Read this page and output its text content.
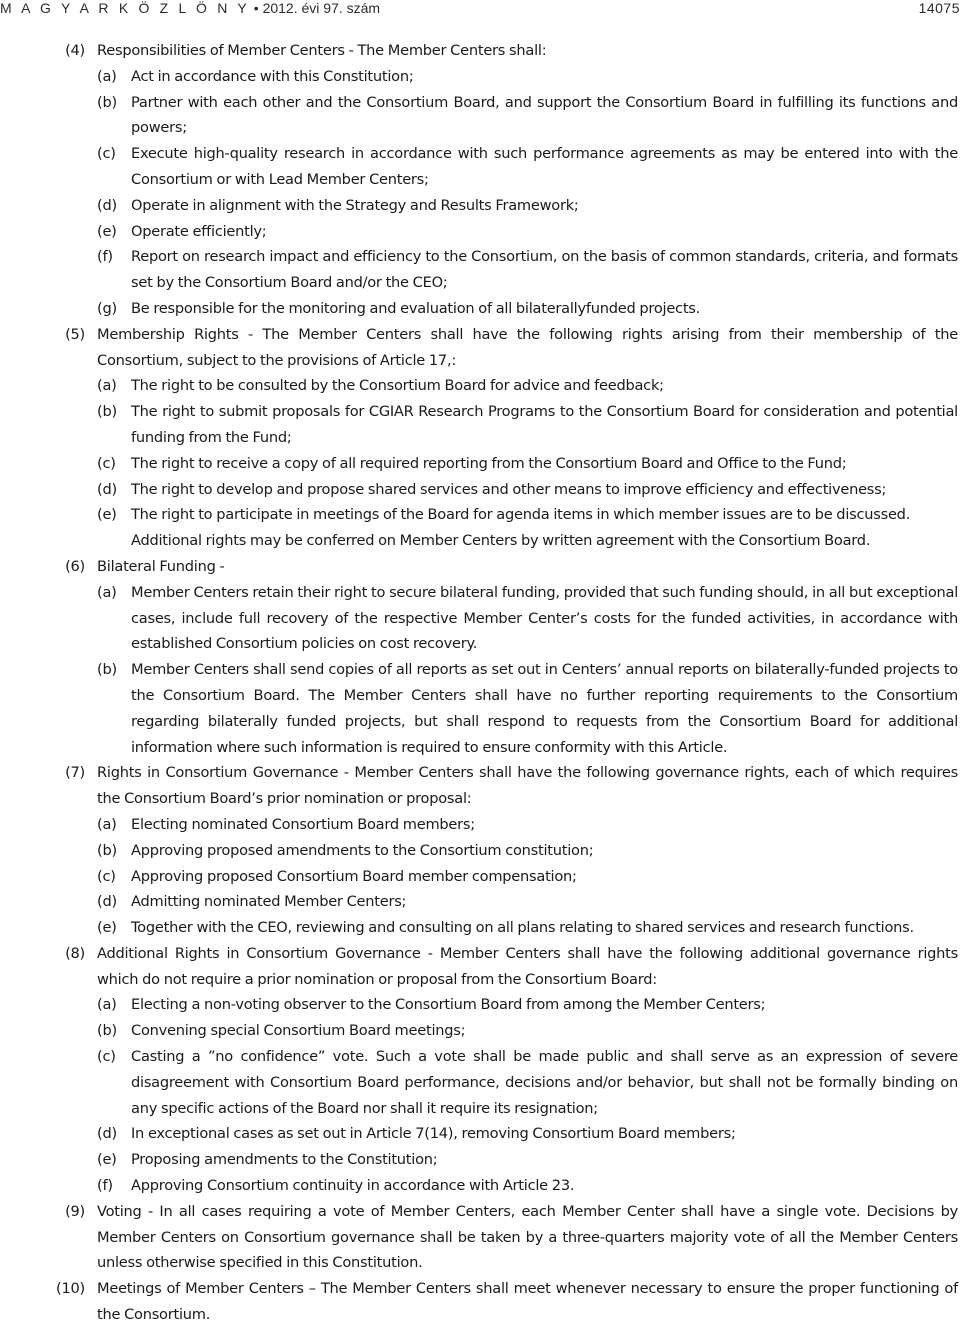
M A G Y A R K Ö Z L Ö N Y • 2012. évi 97. szám	14075
(4) Responsibilities of Member Centers - The Member Centers shall:
(a) Act in accordance with this Constitution;
(b) Partner with each other and the Consortium Board, and support the Consortium Board in fulfilling its functions and powers;
(c) Execute high-quality research in accordance with such performance agreements as may be entered into with the Consortium or with Lead Member Centers;
(d) Operate in alignment with the Strategy and Results Framework;
(e) Operate efficiently;
(f) Report on research impact and efficiency to the Consortium, on the basis of common standards, criteria, and formats set by the Consortium Board and/or the CEO;
(g) Be responsible for the monitoring and evaluation of all bilaterallyfunded projects.
(5) Membership Rights - The Member Centers shall have the following rights arising from their membership of the Consortium, subject to the provisions of Article 17,:
(a) The right to be consulted by the Consortium Board for advice and feedback;
(b) The right to submit proposals for CGIAR Research Programs to the Consortium Board for consideration and potential funding from the Fund;
(c) The right to receive a copy of all required reporting from the Consortium Board and Office to the Fund;
(d) The right to develop and propose shared services and other means to improve efficiency and effectiveness;
(e) The right to participate in meetings of the Board for agenda items in which member issues are to be discussed.
Additional rights may be conferred on Member Centers by written agreement with the Consortium Board.
(6) Bilateral Funding -
(a) Member Centers retain their right to secure bilateral funding, provided that such funding should, in all but exceptional cases, include full recovery of the respective Member Center’s costs for the funded activities, in accordance with established Consortium policies on cost recovery.
(b) Member Centers shall send copies of all reports as set out in Centers’ annual reports on bilaterally-funded projects to the Consortium Board. The Member Centers shall have no further reporting requirements to the Consortium regarding bilaterally funded projects, but shall respond to requests from the Consortium Board for additional information where such information is required to ensure conformity with this Article.
(7) Rights in Consortium Governance - Member Centers shall have the following governance rights, each of which requires the Consortium Board’s prior nomination or proposal:
(a) Electing nominated Consortium Board members;
(b) Approving proposed amendments to the Consortium constitution;
(c) Approving proposed Consortium Board member compensation;
(d) Admitting nominated Member Centers;
(e) Together with the CEO, reviewing and consulting on all plans relating to shared services and research functions.
(8) Additional Rights in Consortium Governance - Member Centers shall have the following additional governance rights which do not require a prior nomination or proposal from the Consortium Board:
(a) Electing a non-voting observer to the Consortium Board from among the Member Centers;
(b) Convening special Consortium Board meetings;
(c) Casting a ”no confidence” vote. Such a vote shall be made public and shall serve as an expression of severe disagreement with Consortium Board performance, decisions and/or behavior, but shall not be formally binding on any specific actions of the Board nor shall it require its resignation;
(d) In exceptional cases as set out in Article 7(14), removing Consortium Board members;
(e) Proposing amendments to the Constitution;
(f) Approving Consortium continuity in accordance with Article 23.
(9) Voting - In all cases requiring a vote of Member Centers, each Member Center shall have a single vote. Decisions by Member Centers on Consortium governance shall be taken by a three-quarters majority vote of all the Member Centers unless otherwise specified in this Constitution.
(10) Meetings of Member Centers – The Member Centers shall meet whenever necessary to ensure the proper functioning of the Consortium.
